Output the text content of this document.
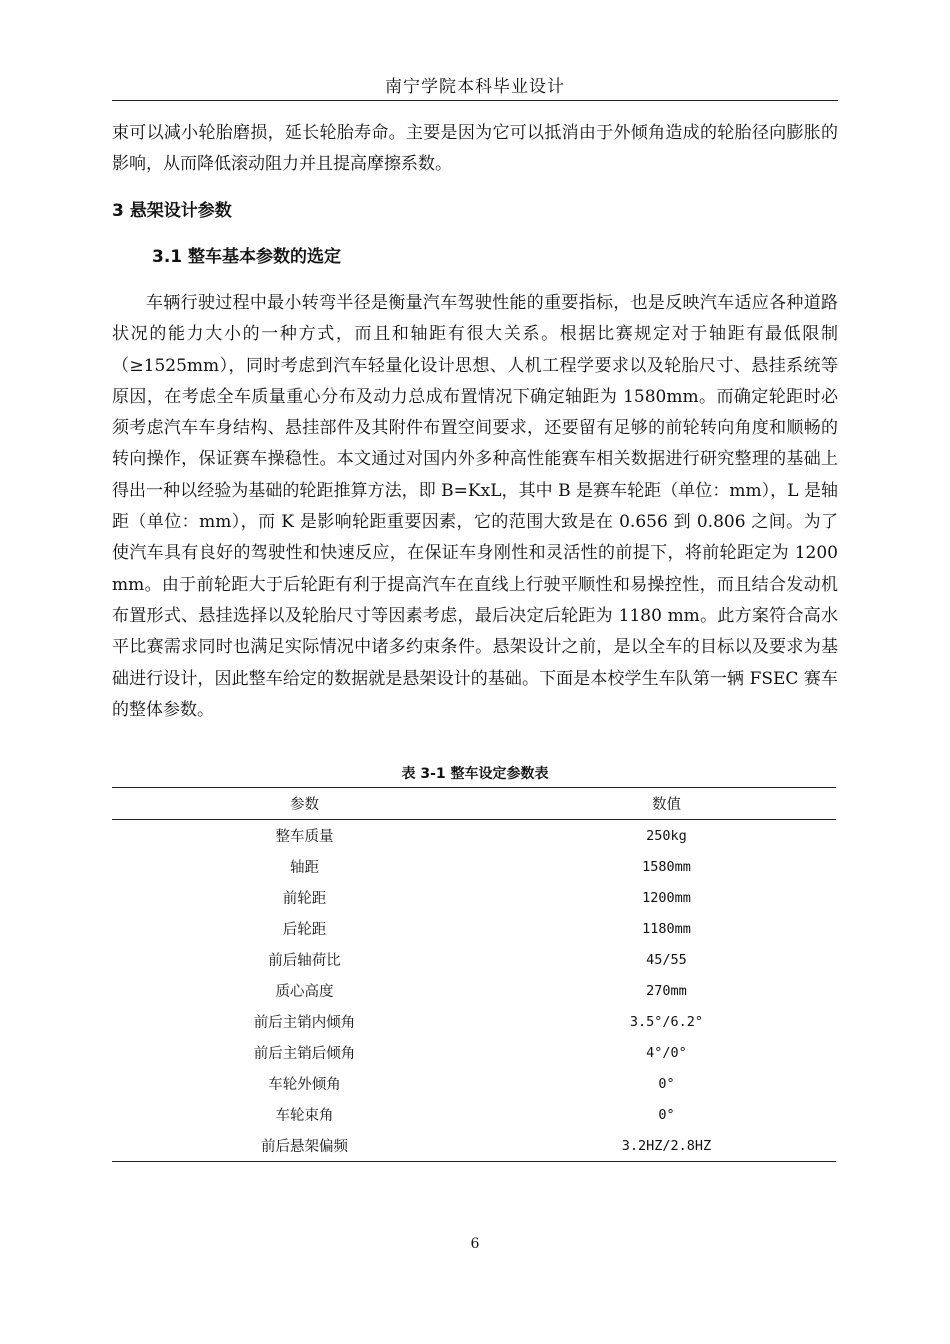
南宁学院本科毕业设计
束可以减小轮胎磨损，延长轮胎寿命。主要是因为它可以抵消由于外倾角造成的轮胎径向膨胀的影响，从而降低滚动阻力并且提高摩擦系数。
3 悬架设计参数
3.1 整车基本参数的选定
车辆行驶过程中最小转弯半径是衡量汽车驾驶性能的重要指标，也是反映汽车适应各种道路状况的能力大小的一种方式，而且和轴距有很大关系。根据比赛规定对于轴距有最低限制（≥1525mm），同时考虑到汽车轻量化设计思想、人机工程学要求以及轮胎尺寸、悬挂系统等原因，在考虑全车质量重心分布及动力总成布置情况下确定轴距为 1580mm。而确定轮距时必须考虑汽车车身结构、悬挂部件及其附件布置空间要求，还要留有足够的前轮转向角度和顺畅的转向操作，保证赛车操稳性。本文通过对国内外多种高性能赛车相关数据进行研究整理的基础上得出一种以经验为基础的轮距推算方法，即 B=KxL，其中 B 是赛车轮距（单位：mm），L 是轴距（单位：mm），而 K 是影响轮距重要因素，它的范围大致是在 0.656 到 0.806 之间。为了使汽车具有良好的驾驶性和快速反应，在保证车身刚性和灵活性的前提下，将前轮距定为 1200 mm。由于前轮距大于后轮距有利于提高汽车在直线上行驶平顺性和易操控性，而且结合发动机布置形式、悬挂选择以及轮胎尺寸等因素考虑，最后决定后轮距为 1180 mm。此方案符合高水平比赛需求同时也满足实际情况中诸多约束条件。悬架设计之前，是以全车的目标以及要求为基础进行设计，因此整车给定的数据就是悬架设计的基础。下面是本校学生车队第一辆 FSEC 赛车的整体参数。
表 3-1 整车设定参数表
参数	数值
整车质量	250kg
轴距	1580mm
前轮距	1200mm
后轮距	1180mm
前后轴荷比	45/55
质心高度	270mm
前后主销内倾角	3.5°/6.2°
前后主销后倾角	4°/0°
车轮外倾角	0°
车轮束角	0°
前后悬架偏频	3.2HZ/2.8HZ
6
